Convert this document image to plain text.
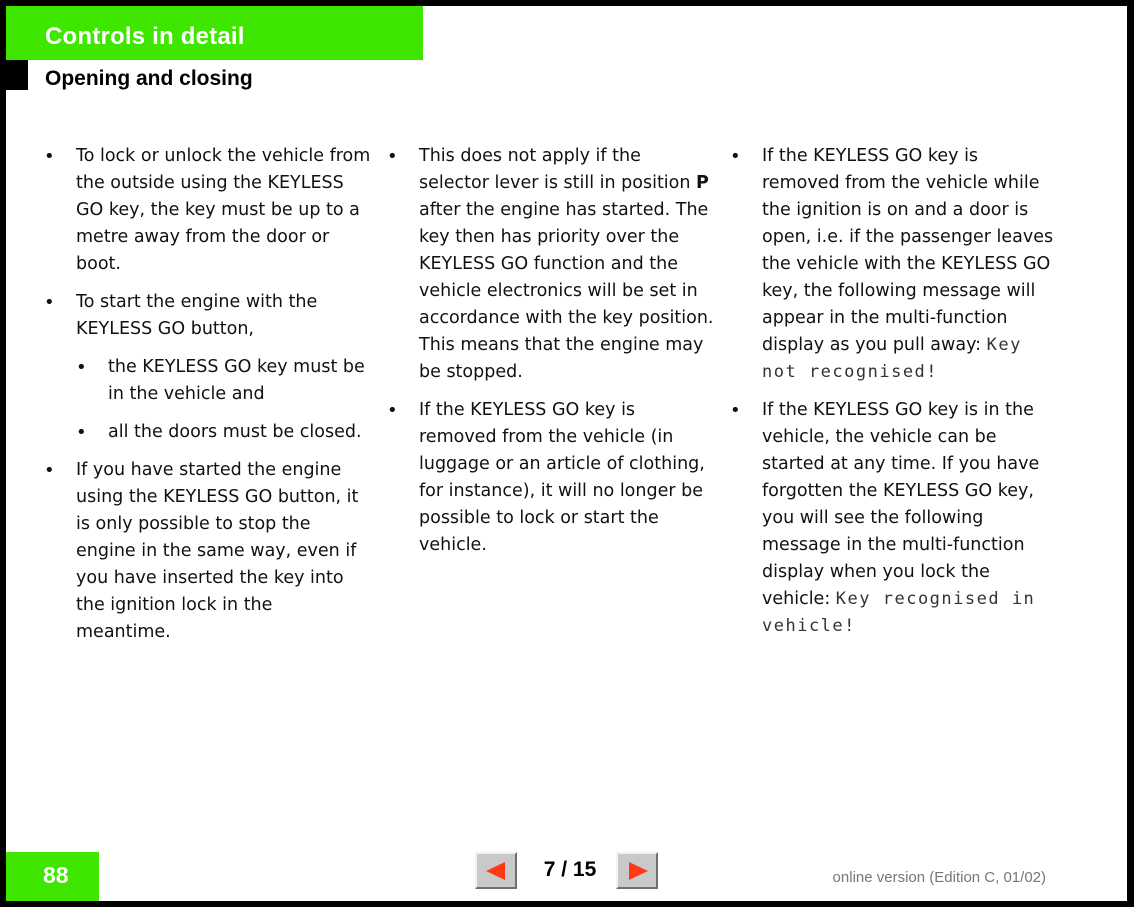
Controls in detail
Opening and closing
• To lock or unlock the vehicle from the outside using the KEYLESS GO key, the key must be up to a metre away from the door or boot.
• To start the engine with the KEYLESS GO button,
• the KEYLESS GO key must be in the vehicle and
• all the doors must be closed.
• If you have started the engine using the KEYLESS GO button, it is only possible to stop the engine in the same way, even if you have inserted the key into the ignition lock in the meantime.
• This does not apply if the selector lever is still in position P after the engine has started. The key then has priority over the KEYLESS GO function and the vehicle electronics will be set in accordance with the key position. This means that the engine may be stopped.
• If the KEYLESS GO key is removed from the vehicle (in luggage or an article of clothing, for instance), it will no longer be possible to lock or start the vehicle.
• If the KEYLESS GO key is removed from the vehicle while the ignition is on and a door is open, i.e. if the passenger leaves the vehicle with the KEYLESS GO key, the following message will appear in the multi-function display as you pull away: Key not recognised!
• If the KEYLESS GO key is in the vehicle, the vehicle can be started at any time. If you have forgotten the KEYLESS GO key, you will see the following message in the multi-function display when you lock the vehicle: Key recognised in vehicle!
88	7 / 15	online version (Edition C, 01/02)
